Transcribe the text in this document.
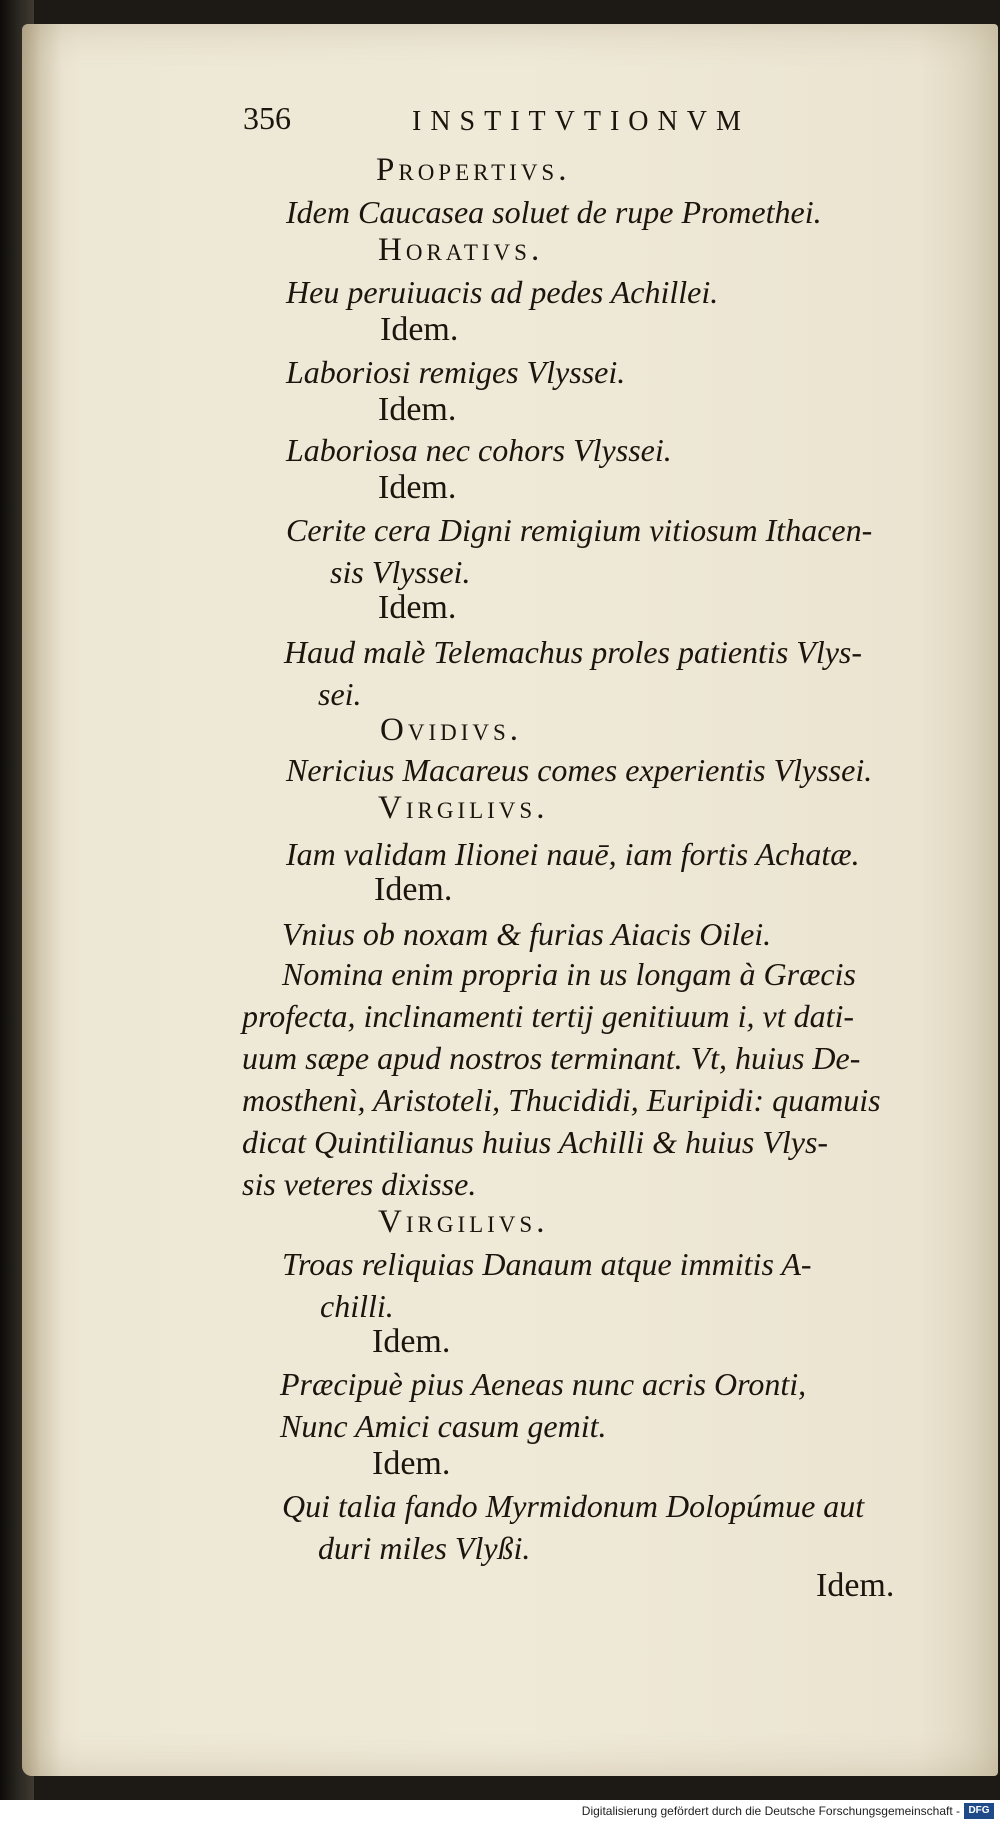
356	INSTITVTIONVM
Propertivs.
Idem Caucasea soluet de rupe Promethei.
Horativs.
Heu peruiuacis ad pedes Achillei.
Idem.
Laboriosi remiges Vlyssei.
Idem.
Laboriosa nec cohors Vlyssei.
Idem.
Cerite cera Digni remigium vitiosum Ithacen-
sis Vlyssei.
Idem.
Haud malè Telemachus proles patientis Vlys-
sei.
Ovidivs.
Nericius Macareus comes experientis Vlyssei.
Virgilivs.
Iam validam Ilionei nauē, iam fortis Achatæ.
Idem.
Vnius ob noxam & furias Aiacis Oilei.
Nomina enim propria in us longam à Græcis
profecta, inclinamenti tertij genitiuum i, vt dati-
uum sæpe apud nostros terminant. Vt, huius De-
mosthenì, Aristoteli, Thucididi, Euripidi: quamuis
dicat Quintilianus huius Achilli & huius Vlys-
sis veteres dixisse.
Virgilivs.
Troas reliquias Danaum atque immitis A-
chilli.
Idem.
Præcipuè pius Aeneas nunc acris Oronti,
Nunc Amici casum gemit.
Idem.
Qui talia fando Myrmidonum Dolopúmue aut
duri miles Vlyßi.
Idem.
Digitalisierung gefördert durch die Deutsche Forschungsgemeinschaft - DFG
